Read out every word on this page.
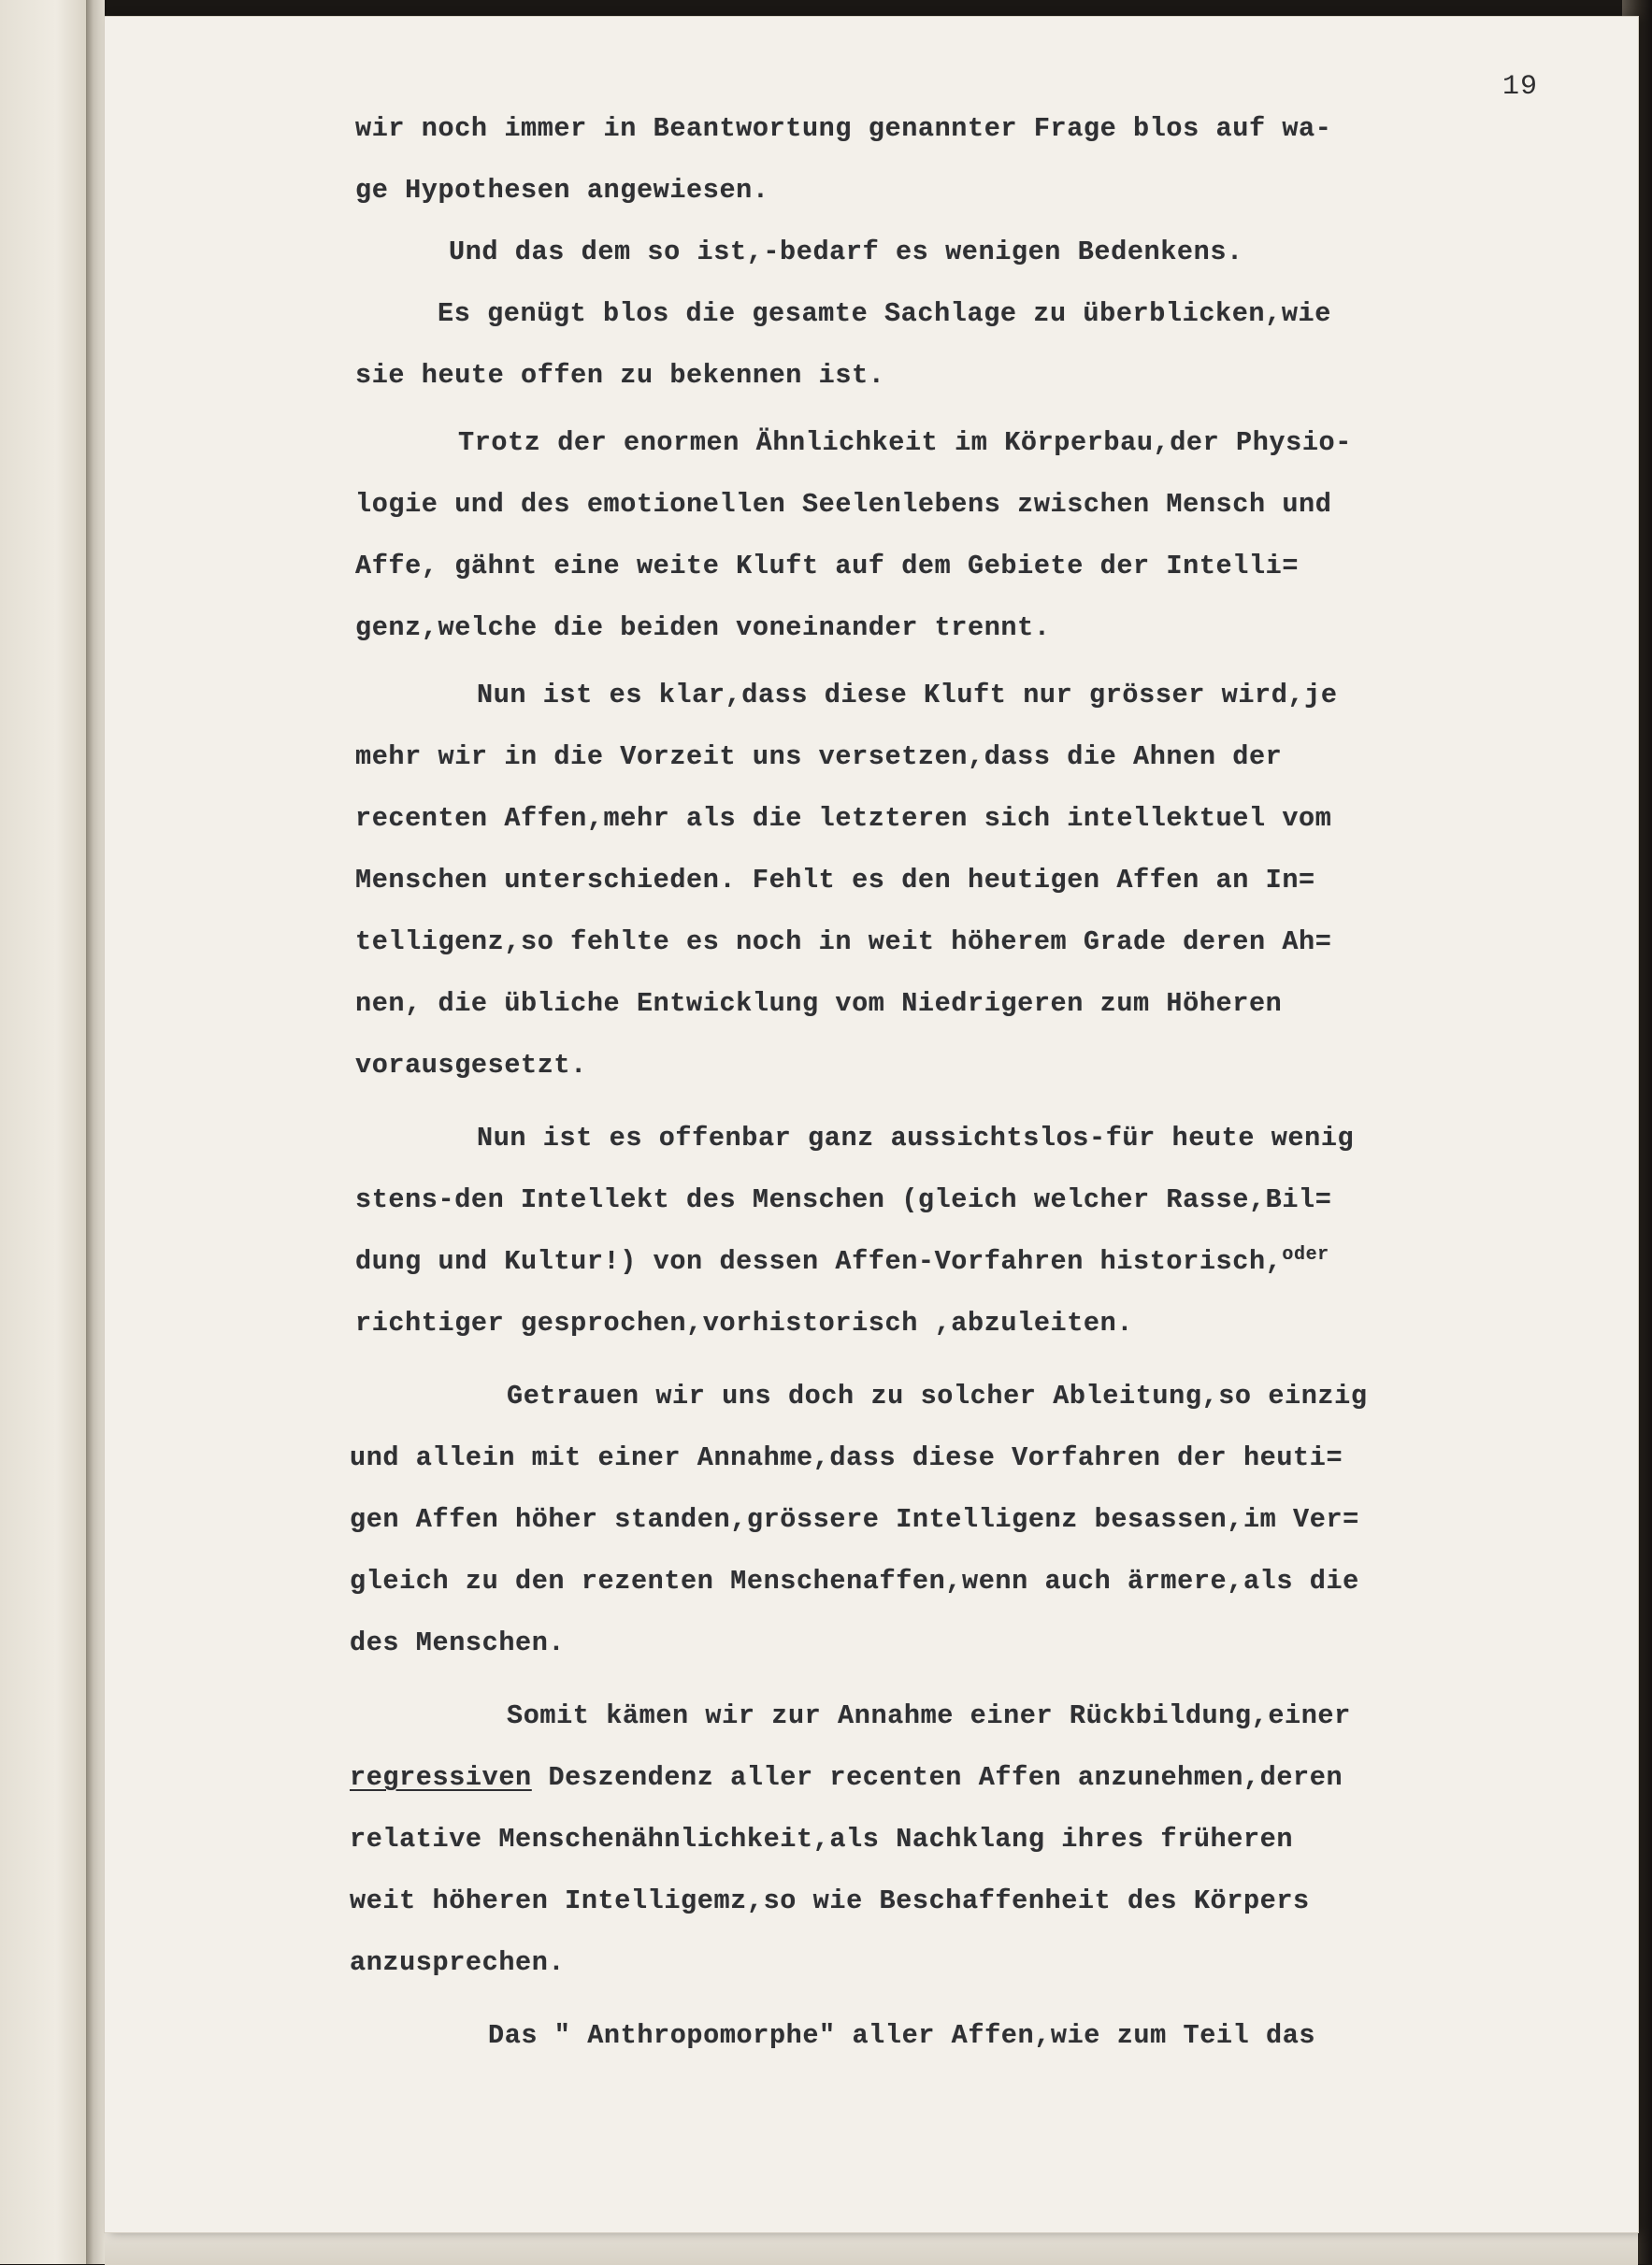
19
wir noch immer in Beantwortung genannter Frage blos auf wa-
ge Hypothesen angewiesen.
Und das dem so ist,-bedarf es wenigen Bedenkens.
Es genügt blos die gesamte Sachlage zu überblicken,wie
sie heute offen zu bekennen ist.
Trotz der enormen Ähnlichkeit im Körperbau,der Physio-
logie und des emotionellen Seelenlebens zwischen Mensch und
Affe, gähnt eine weite Kluft auf dem Gebiete der Intelli=
genz,welche die beiden voneinander trennt.
Nun ist es klar,dass diese Kluft nur grösser wird,je
mehr wir in die Vorzeit uns versetzen,dass die Ahnen der
recenten Affen,mehr als die letzteren sich intellektuel vom
Menschen unterschieden. Fehlt es den heutigen Affen an In=
telligenz,so fehlte es noch in weit höherem Grade deren Ah=
nen, die übliche Entwicklung vom Niedrigeren zum Höheren
vorausgesetzt.
Nun ist es offenbar ganz aussichtslos-für heute wenig
stens-den Intellekt des Menschen (gleich welcher Rasse,Bil=
dung und Kultur!) von dessen Affen-Vorfahren historisch,$^{oder}$
richtiger gesprochen,vorhistorisch ,abzuleiten.
Getrauen wir uns doch zu solcher Ableitung,so einzig
und allein mit einer Annahme,dass diese Vorfahren der heuti=
gen Affen höher standen,grössere Intelligenz besassen,im Ver=
gleich zu den rezenten Menschenaffen,wenn auch ärmere,als die
des Menschen.
Somit kämen wir zur Annahme einer Rückbildung,einer
regressiven Deszendenz aller recenten Affen anzunehmen,deren
relative Menschenähnlichkeit,als Nachklang ihres früheren
weit höheren Intelligemz,so wie Beschaffenheit des Körpers
anzusprechen.
Das " Anthropomorphe" aller Affen,wie zum Teil das
